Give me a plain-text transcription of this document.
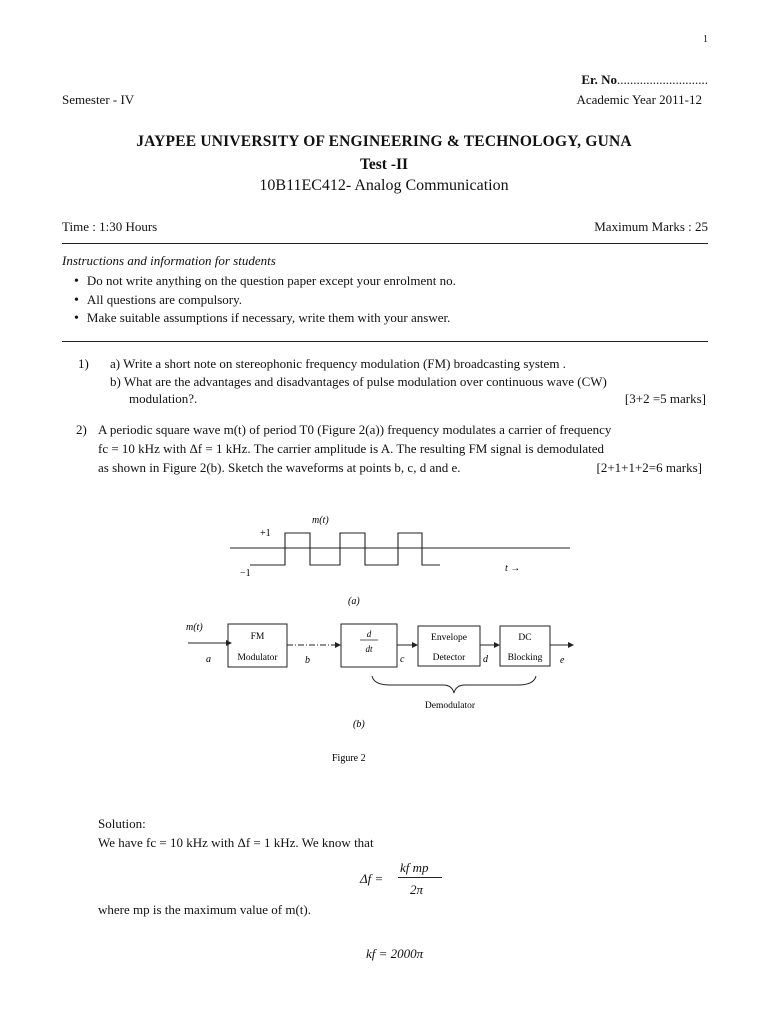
1
Er. No............................
Semester - IV	Academic Year 2011-12
JAYPEE UNIVERSITY OF ENGINEERING & TECHNOLOGY, GUNA
Test -II
10B11EC412- Analog Communication
Time : 1:30 Hours	Maximum Marks : 25
Instructions and information for students
• Do not write anything on the question paper except your enrolment no.
• All questions are compulsory.
• Make suitable assumptions if necessary, write them with your answer.
1) a) Write a short note on stereophonic frequency modulation (FM) broadcasting system .
b) What are the advantages and disadvantages of pulse modulation over continuous wave (CW)
modulation?.	[3+2 =5 marks]
2) A periodic square wave m(t) of period T0 (Figure 2(a)) frequency modulates a carrier of frequency
fc = 10 kHz with Δf = 1 kHz. The carrier amplitude is A. The resulting FM signal is demodulated
as shown in Figure 2(b). Sketch the waveforms at points b, c, d and e.	[2+1+1+2=6 marks]
m(t)
+1
−1	t →
(a)
m(t)
a
FM
Modulator	b
d
dt
c
Envelope
Detector d
DC
Blocking e
Demodulator
(b)
Figure 2
Solution:
We have fc = 10 kHz with Δf = 1 kHz. We know that
Δf =
kf mp
2π
where mp is the maximum value of m(t).
kf = 2000π
